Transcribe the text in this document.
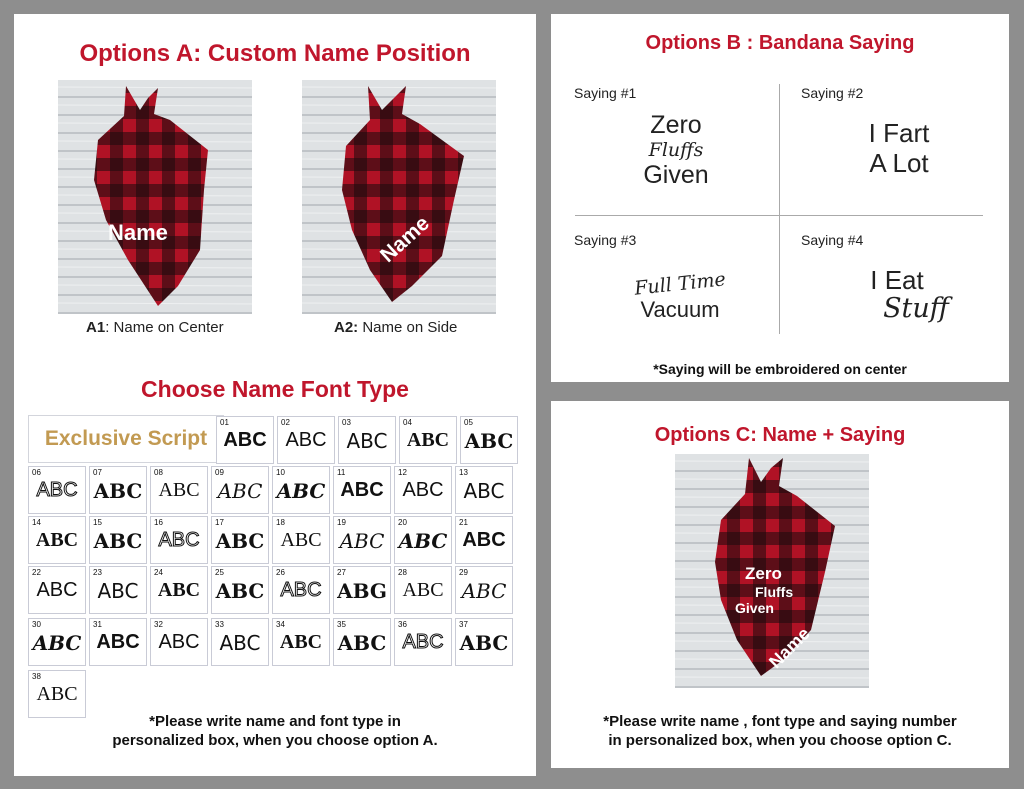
Options A: Custom Name Position
Name	Name
A1: Name on Center	A2: Name on Side
Choose Name Font Type
Exclusive Script
01
ABC
02
ABC
03
ABC
04
ABC
05
ABC
06
ABC
07
ABC
08
ABC
09
ABC
10
ABC
11
ABC
12
ABC
13
ABC
14
ABC
15
ABC
16
ABC
17
ABC
18
ABC
19
ABC
20
ABC
21
ABC
22
ABC
23
ABC
24
ABC
25
ABC
26
ABC
27
ABG
28
ABC
29
ABC
30
ABC
31
ABC
32
ABC
33
ABC
34
ABC
35
ABC
36
ABC
37
ABC
38
ABC
*Please write name and font type in
personalized box, when you choose option A.
Options B : Bandana Saying
Saying #1
Zero
Fluffs
Given
Saying #2
I Fart
A Lot
Saying #3
Full Time
Vacuum
Saying #4
I Eat
Stuff
*Saying will be embroidered on center
Options C: Name + Saying
Zero
Fluffs
Given
Name
*Please write name , font type and saying number
in personalized box, when you choose option C.
